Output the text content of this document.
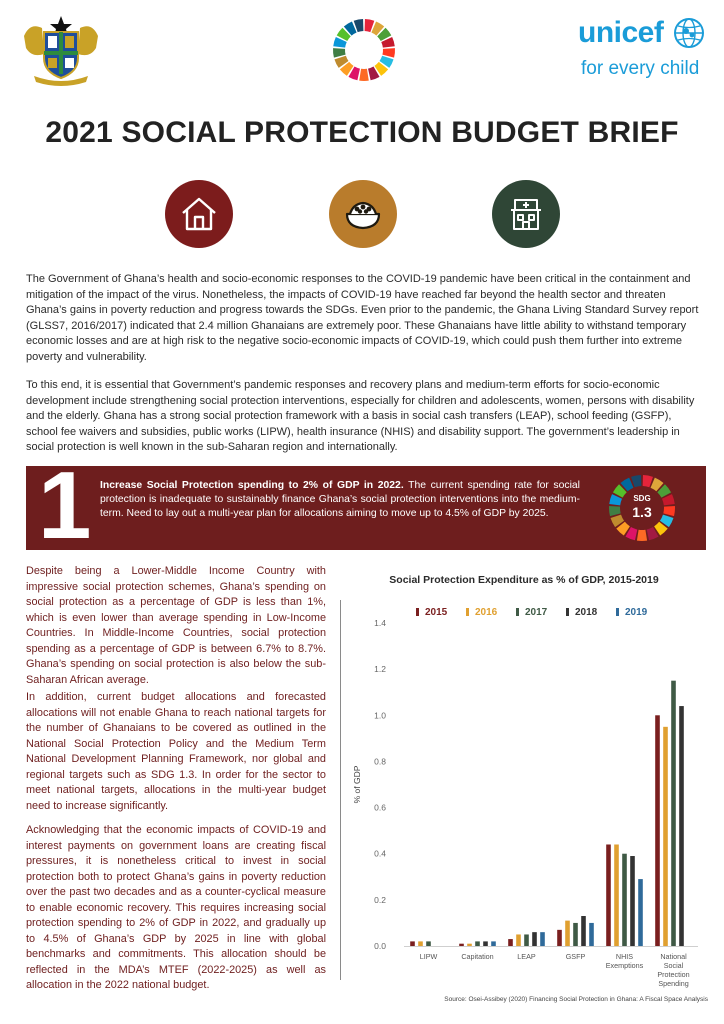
unicef
for every child
2021 SOCIAL PROTECTION BUDGET BRIEF

The Government of Ghana’s health and socio-economic responses to the COVID-19 pandemic have been critical in the containment and mitigation of the impact of the virus. Nonetheless, the impacts of COVID-19 have reached far beyond the health sector and threaten Ghana’s gains in poverty reduction and progress towards the SDGs. Even prior to the pandemic, the Ghana Living Standard Survey report (GLSS7, 2016/2017) indicated that 2.4 million Ghanaians are extremely poor. These Ghanaians have little ability to withstand temporary economic losses and are at high risk to the negative socio-economic impacts of COVID-19, which could push them further into extreme poverty and vulnerability.

To this end, it is essential that Government’s pandemic responses and recovery plans and medium-term efforts for socio-economic development include strengthening social protection interventions, especially for children and adolescents, women, persons with disability and the elderly. Ghana has a strong social protection framework with a basis in social cash transfers (LEAP), school feeding (GSFP), school fee waivers and subsidies, public works (LIPW), health insurance (NHIS) and disability support. The government’s leadership in social protection is well known in the sub-Saharan region and internationally.

1 Increase Social Protection spending to 2% of GDP in 2022. The current spending rate for social protection is inadequate to sustainably finance Ghana’s social protection interventions into the medium-term. Need to lay out a multi-year plan for allocations aiming to move up to 4.5% of GDP by 2025.

SDG
1.3

Despite being a Lower-Middle Income Country with impressive social protection schemes, Ghana’s spending on social protection as a percentage of GDP is less than 1%, which is even lower than average spending in Low-Income Countries. In Middle-Income Countries, social protection spending as a percentage of GDP is between 6.7% to 8.7%. Ghana’s spending on social protection is also below the sub-Saharan African average.

In addition, current budget allocations and forecasted allocations will not enable Ghana to reach national targets for the number of Ghanaians to be covered as outlined in the National Social Protection Policy and the Medium Term National Development Planning Framework, nor global and regional targets such as SDG 1.3. In order for the sector to meet national targets, allocations in the multi-year budget need to increase significantly.

Acknowledging that the economic impacts of COVID-19 and interest payments on government loans are creating fiscal pressures, it is nonetheless critical to invest in social protection both to protect Ghana’s gains in poverty reduction over the past two decades and as a counter-cyclical measure to enable economic recovery. This requires increasing social protection spending to 2% of GDP in 2022, and gradually up to 4.5% of Ghana’s GDP by 2025 in line with global benchmarks and commitments. This allocation should be reflected in the MDA’s MTEF (2022-2025) as well as allocation in the 2022 national budget.

Social Protection Expenditure as % of GDP, 2015-2019
0.0
0.2
0.4
0.6
0.8
1.0
1.2
1.4
% of GDP
2015	2016	2017	2018	2019
LIPW	Capitation	LEAP	GSFP	NHIS Exemptions
National Social Protection Spending
Source: Osei-Assibey (2020) Financing Social Protection in Ghana: A Fiscal Space Analysis
